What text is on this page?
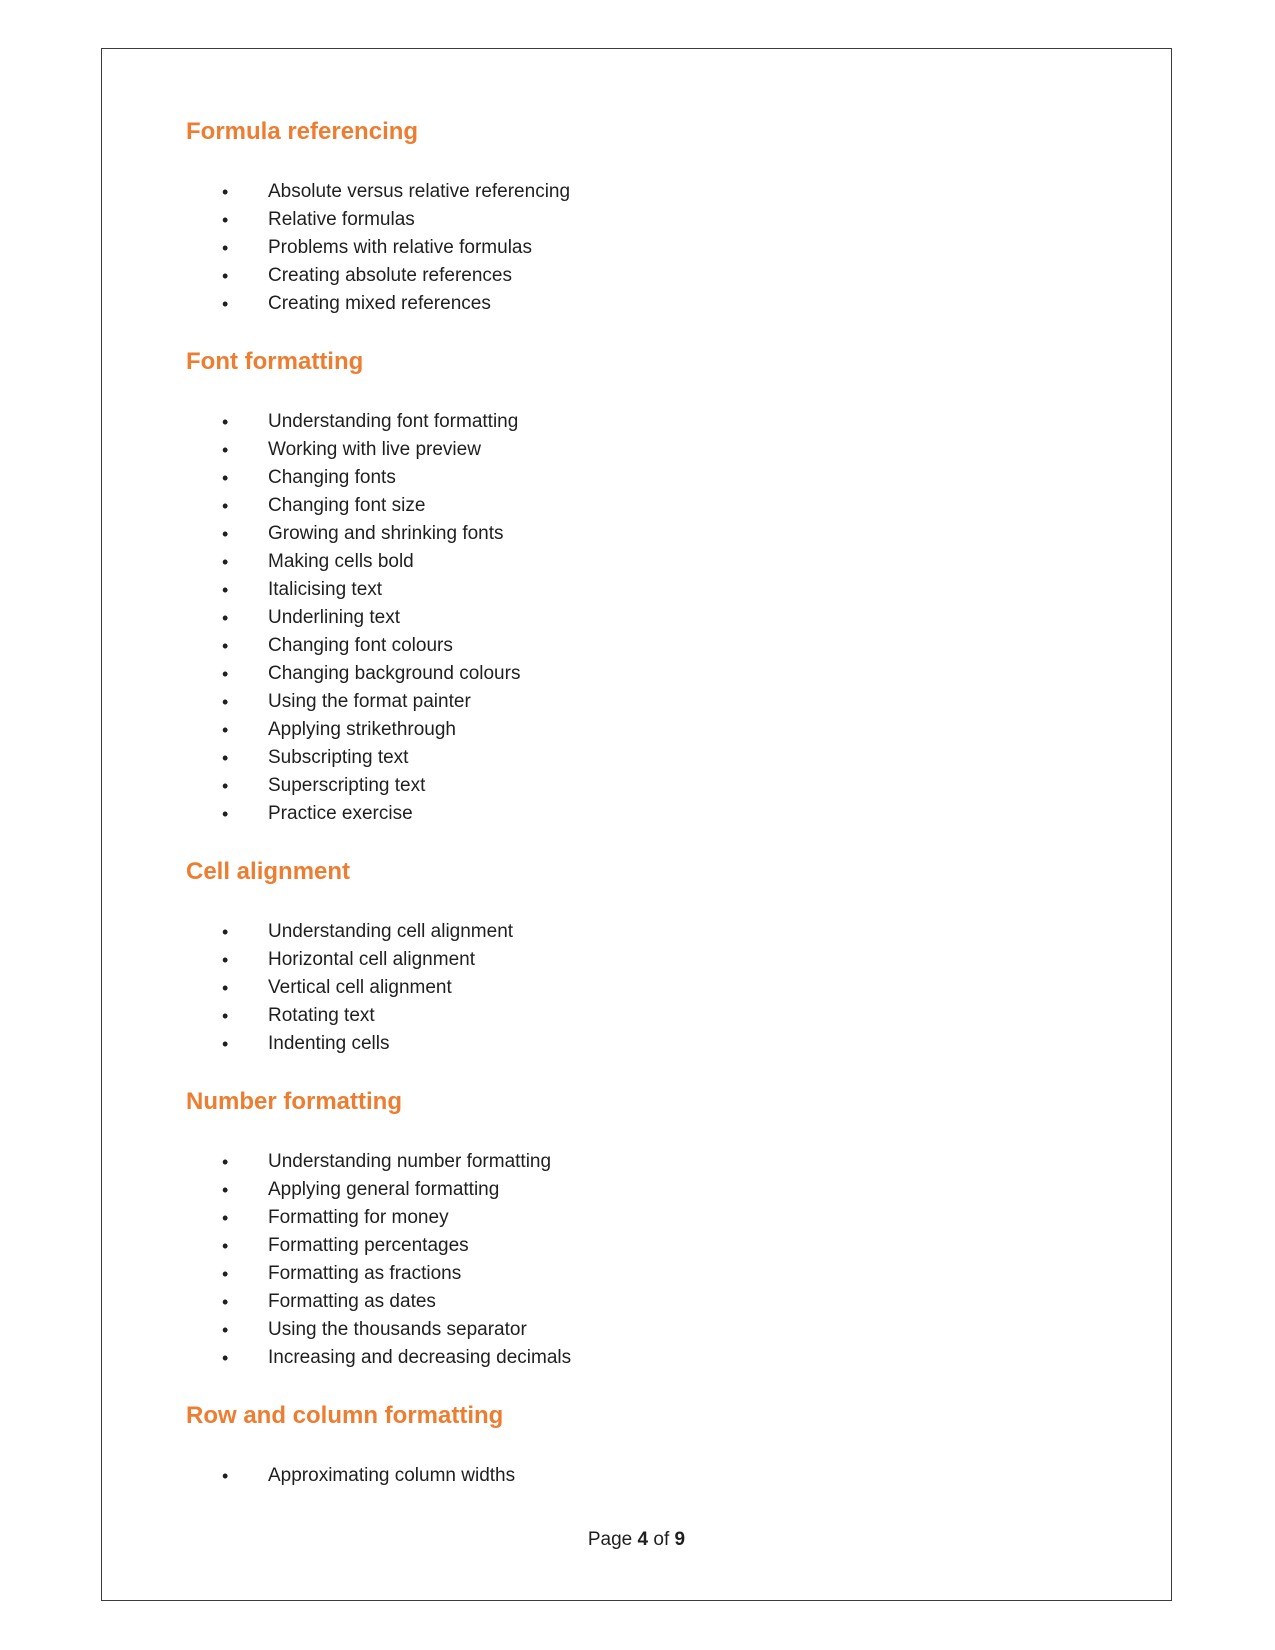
Formula referencing
• Absolute versus relative referencing
• Relative formulas
• Problems with relative formulas
• Creating absolute references
• Creating mixed references
Font formatting
• Understanding font formatting
• Working with live preview
• Changing fonts
• Changing font size
• Growing and shrinking fonts
• Making cells bold
• Italicising text
• Underlining text
• Changing font colours
• Changing background colours
• Using the format painter
• Applying strikethrough
• Subscripting text
• Superscripting text
• Practice exercise
Cell alignment
• Understanding cell alignment
• Horizontal cell alignment
• Vertical cell alignment
• Rotating text
• Indenting cells
Number formatting
• Understanding number formatting
• Applying general formatting
• Formatting for money
• Formatting percentages
• Formatting as fractions
• Formatting as dates
• Using the thousands separator
• Increasing and decreasing decimals
Row and column formatting
• Approximating column widths
Page 4 of 9
